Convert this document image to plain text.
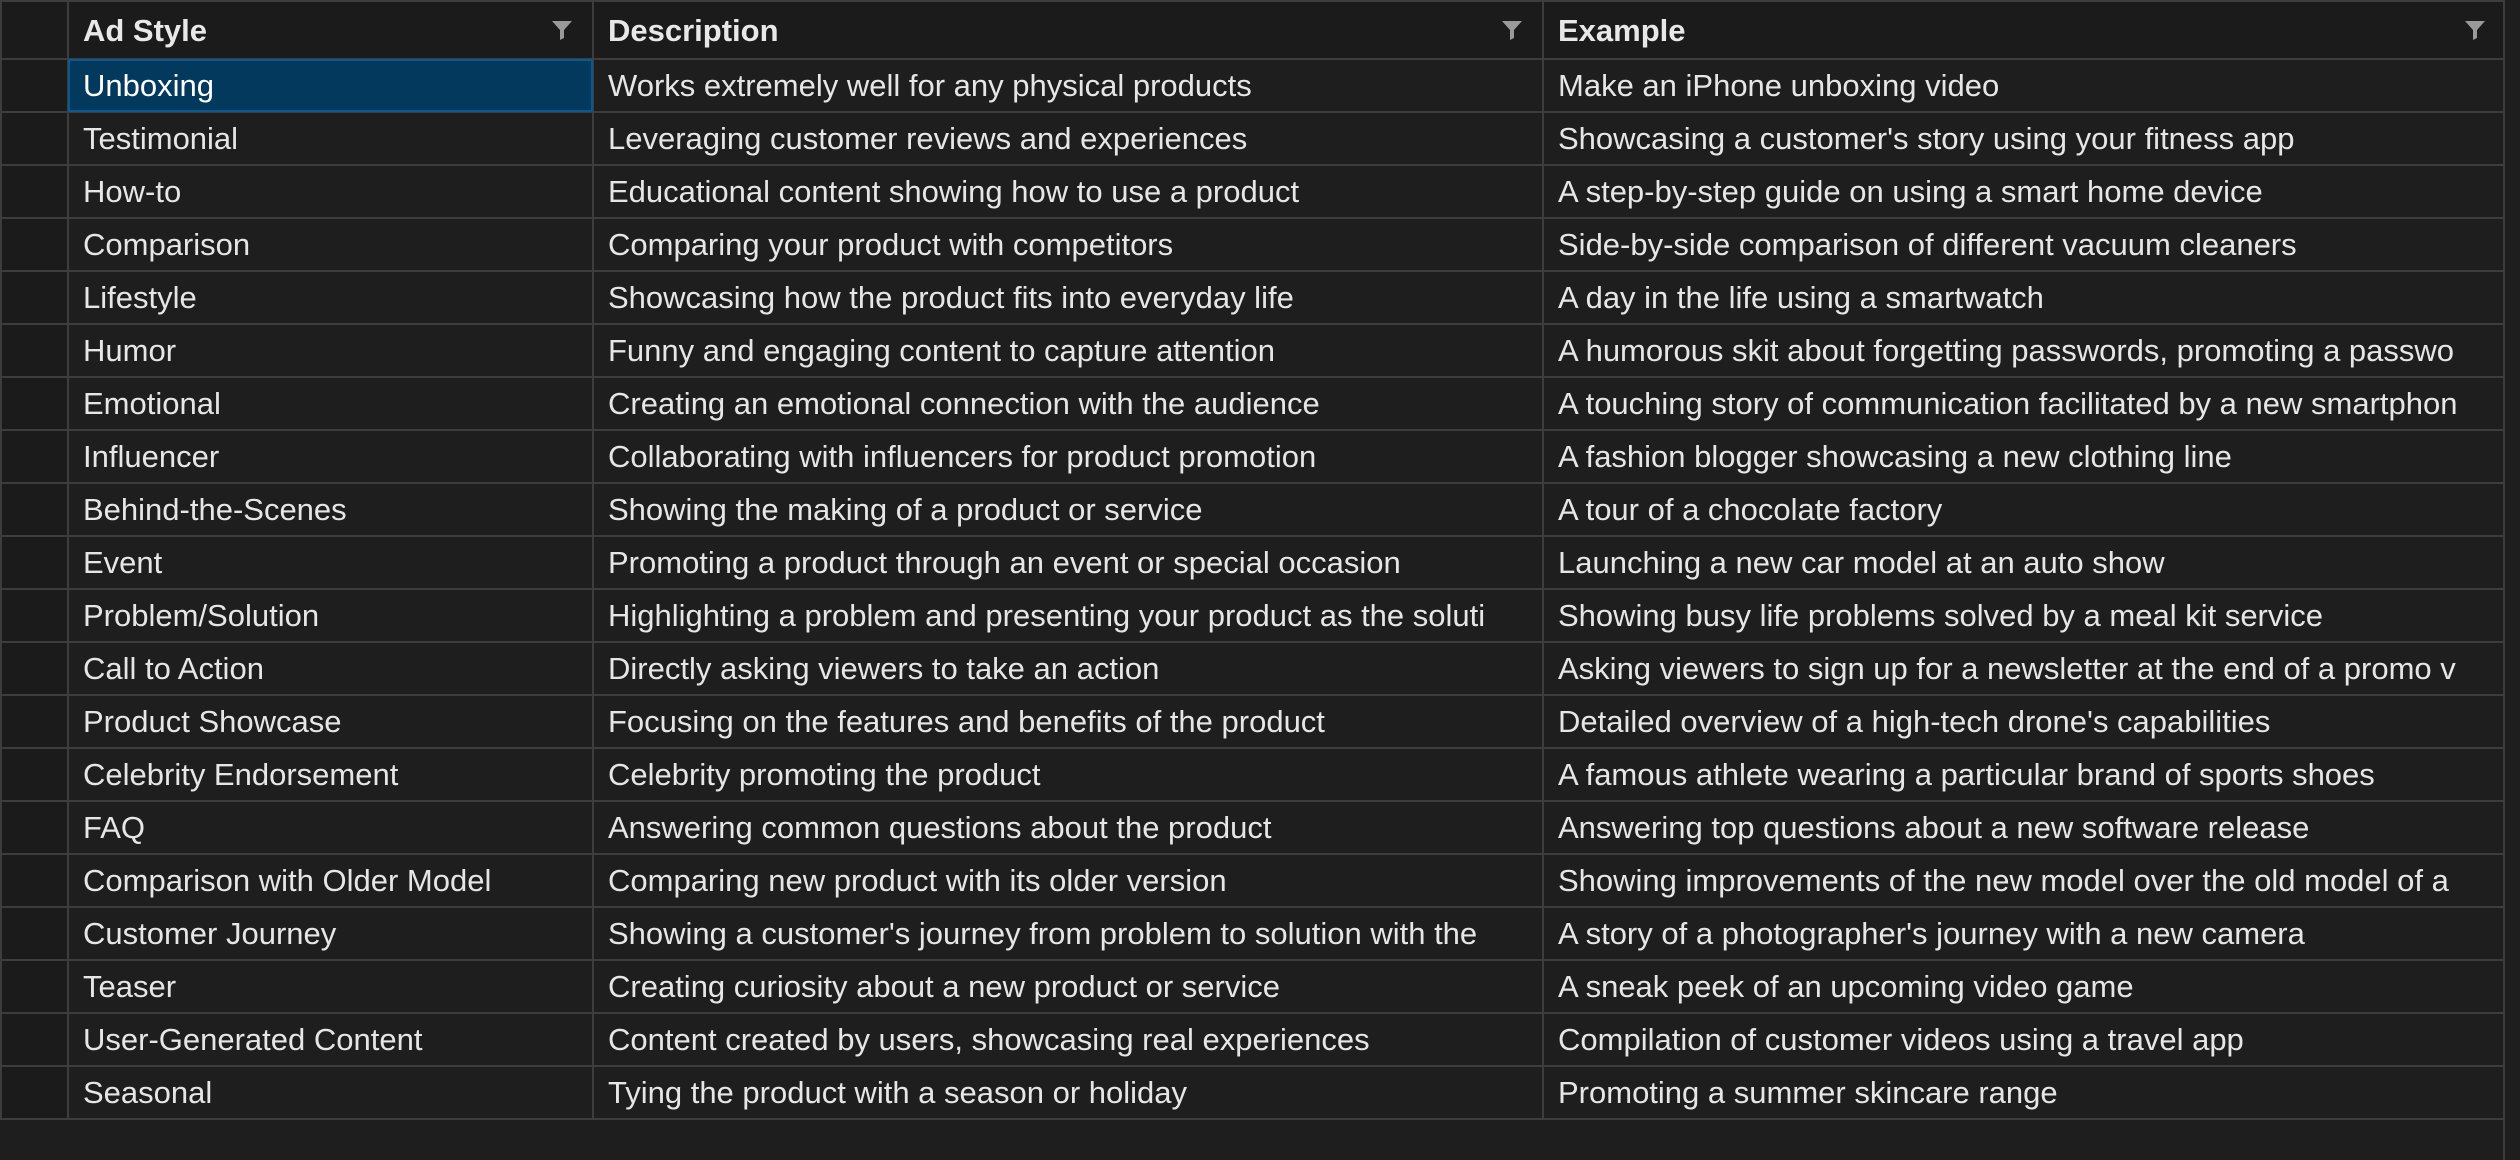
	Ad Style	Description	Example

	Unboxing	Works extremely well for any physical products	Make an iPhone unboxing video
	Testimonial	Leveraging customer reviews and experiences	Showcasing a customer's story using your fitness app
	How-to	Educational content showing how to use a product	A step-by-step guide on using a smart home device
	Comparison	Comparing your product with competitors	Side-by-side comparison of different vacuum cleaners
	Lifestyle	Showcasing how the product fits into everyday life	A day in the life using a smartwatch
	Humor	Funny and engaging content to capture attention	A humorous skit about forgetting passwords, promoting a passwo
	Emotional	Creating an emotional connection with the audience	A touching story of communication facilitated by a new smartphon
	Influencer	Collaborating with influencers for product promotion	A fashion blogger showcasing a new clothing line
	Behind-the-Scenes	Showing the making of a product or service	A tour of a chocolate factory
	Event	Promoting a product through an event or special occasion	Launching a new car model at an auto show
	Problem/Solution	Highlighting a problem and presenting your product as the soluti	Showing busy life problems solved by a meal kit service
	Call to Action	Directly asking viewers to take an action	Asking viewers to sign up for a newsletter at the end of a promo v
	Product Showcase	Focusing on the features and benefits of the product	Detailed overview of a high-tech drone's capabilities
	Celebrity Endorsement	Celebrity promoting the product	A famous athlete wearing a particular brand of sports shoes
	FAQ	Answering common questions about the product	Answering top questions about a new software release
	Comparison with Older Model	Comparing new product with its older version	Showing improvements of the new model over the old model of a
	Customer Journey	Showing a customer's journey from problem to solution with the	A story of a photographer's journey with a new camera
	Teaser	Creating curiosity about a new product or service	A sneak peek of an upcoming video game
	User-Generated Content	Content created by users, showcasing real experiences	Compilation of customer videos using a travel app
	Seasonal	Tying the product with a season or holiday	Promoting a summer skincare range
